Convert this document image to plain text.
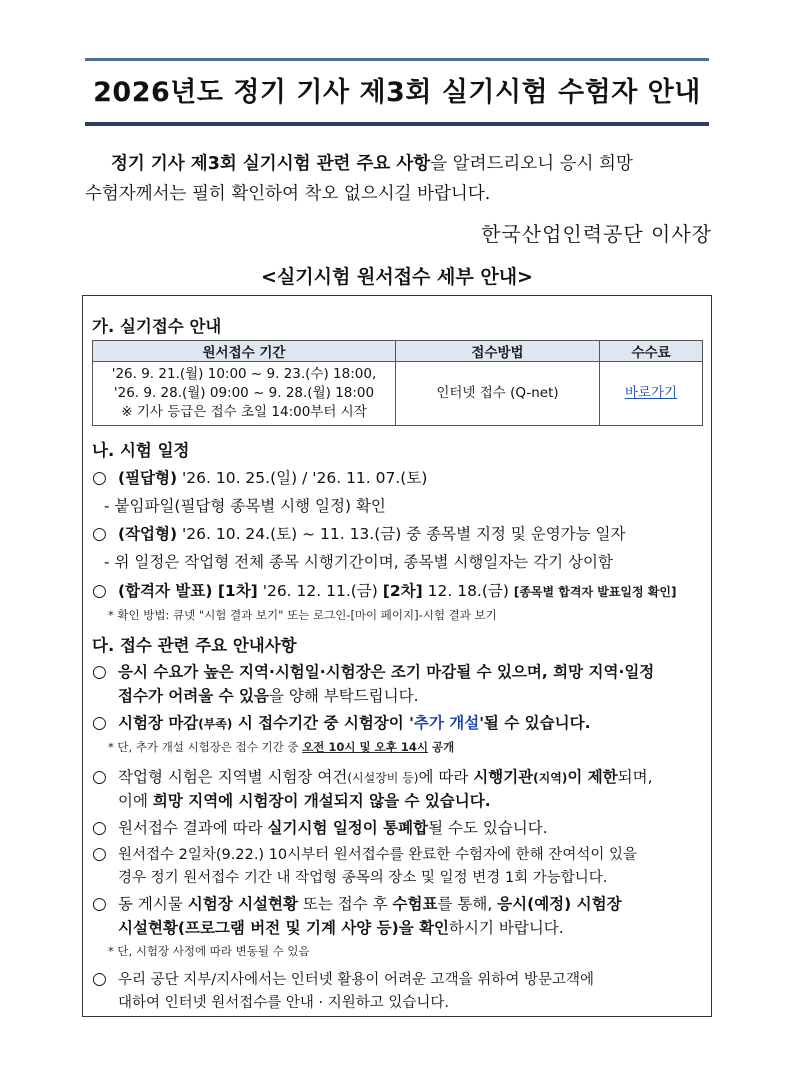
2026년도 정기 기사 제3회 실기시험 수험자 안내
정기 기사 제3회 실기시험 관련 주요 사항을 알려드리오니 응시 희망
수험자께서는 필히 확인하여 착오 없으시길 바랍니다.
한국산업인력공단 이사장
<실기시험 원서접수 세부 안내>
가. 실기접수 안내
원서접수 기간	접수방법	수수료

'26. 9. 21.(월) 10:00 ~ 9. 23.(수) 18:00,
'26. 9. 28.(월) 09:00 ~ 9. 28.(월) 18:00
※ 기사 등급은 접수 초일 14:00부터 시작	인터넷 접수 (Q-net)	바로가기
나. 시험 일정
○ (필답형) '26. 10. 25.(일) / '26. 11. 07.(토)
- 붙임파일(필답형 종목별 시행 일정) 확인
○ (작업형) '26. 10. 24.(토) ~ 11. 13.(금) 중 종목별 지정 및 운영가능 일자
- 위 일정은 작업형 전체 종목 시행기간이며, 종목별 시행일자는 각기 상이함
○ (합격자 발표) [1차] '26. 12. 11.(금) [2차] 12. 18.(금) [종목별 합격자 발표일정 확인]
* 확인 방법: 큐넷 "시험 결과 보기" 또는 로그인-[마이 페이지]-시험 결과 보기
다. 접수 관련 주요 안내사항
○ 응시 수요가 높은 지역·시험일·시험장은 조기 마감될 수 있으며, 희망 지역·일정
접수가 어려울 수 있음을 양해 부탁드립니다.
○ 시험장 마감(부족) 시 접수기간 중 시험장이 '추가 개설'될 수 있습니다.
* 단, 추가 개설 시험장은 접수 기간 중 오전 10시 및 오후 14시 공개
○ 작업형 시험은 지역별 시험장 여건(시설장비 등)에 따라 시행기관(지역)이 제한되며,
이에 희망 지역에 시험장이 개설되지 않을 수 있습니다.
○ 원서접수 결과에 따라 실기시험 일정이 통폐합될 수도 있습니다.
○ 원서접수 2일차(9.22.) 10시부터 원서접수를 완료한 수험자에 한해 잔여석이 있을
경우 정기 원서접수 기간 내 작업형 종목의 장소 및 일정 변경 1회 가능합니다.
○ 동 게시물 시험장 시설현황 또는 접수 후 수험표를 통해, 응시(예정) 시험장
시설현황(프로그램 버전 및 기계 사양 등)을 확인하시기 바랍니다.
* 단, 시험장 사정에 따라 변동될 수 있음
○ 우리 공단 지부/지사에서는 인터넷 활용이 어려운 고객을 위하여 방문고객에
대하여 인터넷 원서접수를 안내 · 지원하고 있습니다.
